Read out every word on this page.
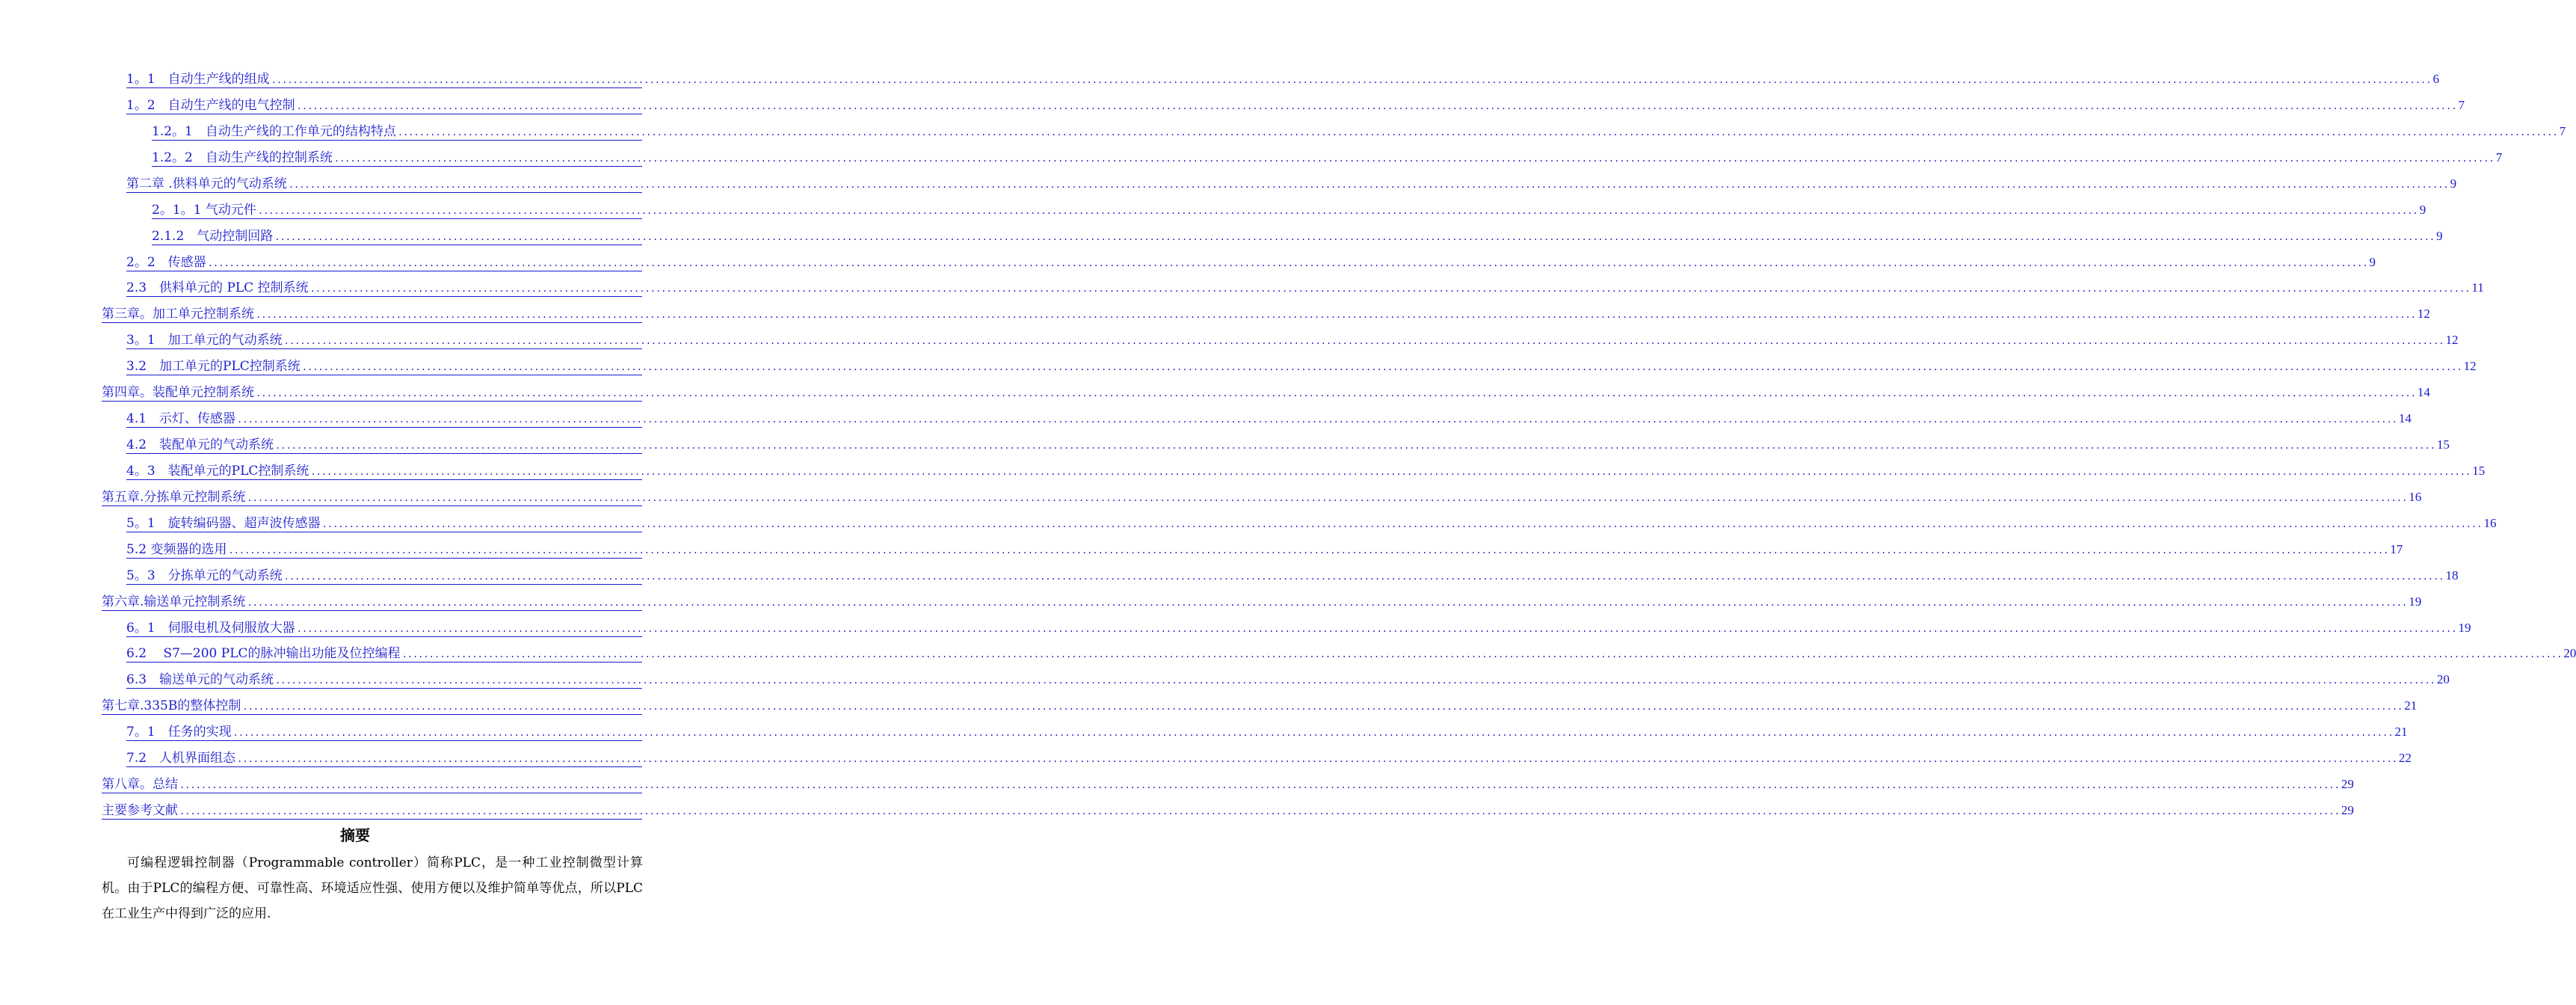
1。1　自动生产线的组成 ................................................................................................................................................................................................................................................................................................................................................................................................................ 6
1。2　自动生产线的电气控制 ................................................................................................................................................................................................................................................................................................................................................................................................................ 7
1.2。1　自动生产线的工作单元的结构特点 ................................................................................................................................................................................................................................................................................................................................................................................................................ 7
1.2。2　自动生产线的控制系统 ................................................................................................................................................................................................................................................................................................................................................................................................................ 7
第二章 .供料单元的气动系统 ................................................................................................................................................................................................................................................................................................................................................................................................................ 9
2。1。1 气动元件 ................................................................................................................................................................................................................................................................................................................................................................................................................ 9
2.1.2　气动控制回路 ................................................................................................................................................................................................................................................................................................................................................................................................................ 9
2。2　传感器 ................................................................................................................................................................................................................................................................................................................................................................................................................ 9
2.3　供料单元的 PLC 控制系统 ................................................................................................................................................................................................................................................................................................................................................................................................................ 11
第三章。加工单元控制系统 ................................................................................................................................................................................................................................................................................................................................................................................................................ 12
3。1　加工单元的气动系统 ................................................................................................................................................................................................................................................................................................................................................................................................................ 12
3.2　加工单元的PLC控制系统 ................................................................................................................................................................................................................................................................................................................................................................................................................ 12
第四章。装配单元控制系统 ................................................................................................................................................................................................................................................................................................................................................................................................................ 14
4.1　示灯、传感器 ................................................................................................................................................................................................................................................................................................................................................................................................................ 14
4.2　装配单元的气动系统 ................................................................................................................................................................................................................................................................................................................................................................................................................ 15
4。3　装配单元的PLC控制系统 ................................................................................................................................................................................................................................................................................................................................................................................................................ 15
第五章.分拣单元控制系统 ................................................................................................................................................................................................................................................................................................................................................................................................................ 16
5。1　旋转编码器、超声波传感器 ................................................................................................................................................................................................................................................................................................................................................................................................................ 16
5.2 变频器的选用 ................................................................................................................................................................................................................................................................................................................................................................................................................ 17
5。3　分拣单元的气动系统 ................................................................................................................................................................................................................................................................................................................................................................................................................ 18
第六章.输送单元控制系统 ................................................................................................................................................................................................................................................................................................................................................................................................................ 19
6。1　伺服电机及伺服放大器 ................................................................................................................................................................................................................................................................................................................................................................................................................ 19
6.2　 S7—200 PLC的脉冲输出功能及位控编程 ................................................................................................................................................................................................................................................................................................................................................................................................................ 20
6.3　输送单元的气动系统 ................................................................................................................................................................................................................................................................................................................................................................................................................ 20
第七章.335B的整体控制 ................................................................................................................................................................................................................................................................................................................................................................................................................ 21
7。1　任务的实现 ................................................................................................................................................................................................................................................................................................................................................................................................................ 21
7.2　人机界面组态 ................................................................................................................................................................................................................................................................................................................................................................................................................ 22
第八章。总结 ................................................................................................................................................................................................................................................................................................................................................................................................................ 29
主要参考文献 ................................................................................................................................................................................................................................................................................................................................................................................................................ 29
摘要

可编程逻辑控制器（Programmable controller）简称PLC，是一种工业控制微型计算机。由于PLC的编程方便、可靠性高、环境适应性强、使用方便以及维护简单等优点，所以PLC在工业生产中得到广泛的应用.
